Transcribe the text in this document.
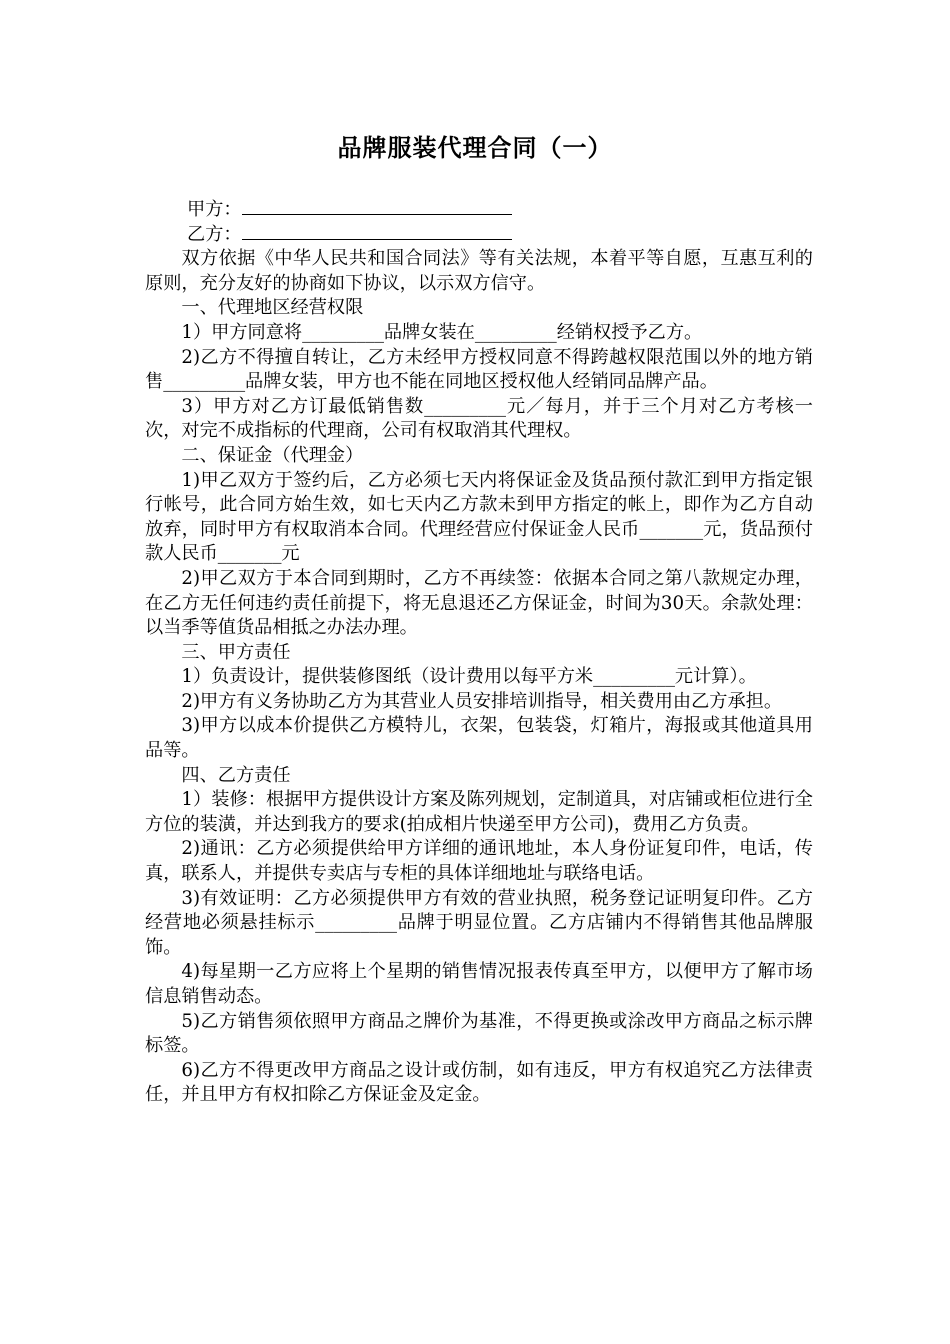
品牌服装代理合同（一）
甲方：
乙方：

双方依据《中华人民共和国合同法》等有关法规，本着平等自愿，互惠互利的原则，充分友好的协商如下协议，以示双方信守。

一、代理地区经营权限

1）甲方同意将_________品牌女装在_________经销权授予乙方。

2)乙方不得擅自转让，乙方未经甲方授权同意不得跨越权限范围以外的地方销售_________品牌女装，甲方也不能在同地区授权他人经销同品牌产品。

3）甲方对乙方订最低销售数_________元／每月，并于三个月对乙方考核一次，对完不成指标的代理商，公司有权取消其代理权。

二、保证金（代理金）

1)甲乙双方于签约后，乙方必须七天内将保证金及货品预付款汇到甲方指定银行帐号，此合同方始生效，如七天内乙方款未到甲方指定的帐上，即作为乙方自动放弃，同时甲方有权取消本合同。代理经营应付保证金人民币_______元，货品预付款人民币_______元

2)甲乙双方于本合同到期时，乙方不再续签：依据本合同之第八款规定办理，在乙方无任何违约责任前提下，将无息退还乙方保证金，时间为30天。余款处理：以当季等值货品相抵之办法办理。

三、甲方责任

1）负责设计，提供装修图纸（设计费用以每平方米_________元计算）。

2)甲方有义务协助乙方为其营业人员安排培训指导，相关费用由乙方承担。

3)甲方以成本价提供乙方模特儿，衣架，包装袋，灯箱片，海报或其他道具用品等。

四、乙方责任

1）装修：根据甲方提供设计方案及陈列规划，定制道具，对店铺或柜位进行全方位的装潢，并达到我方的要求(拍成相片快递至甲方公司)，费用乙方负责。

2)通讯：乙方必须提供给甲方详细的通讯地址，本人身份证复印件，电话，传真，联系人，并提供专卖店与专柜的具体详细地址与联络电话。

3)有效证明：乙方必须提供甲方有效的营业执照，税务登记证明复印件。乙方经营地必须悬挂标示_________品牌于明显位置。乙方店铺内不得销售其他品牌服饰。

4)每星期一乙方应将上个星期的销售情况报表传真至甲方，以便甲方了解市场信息销售动态。

5)乙方销售须依照甲方商品之牌价为基准，不得更换或涂改甲方商品之标示牌标签。

6)乙方不得更改甲方商品之设计或仿制，如有违反，甲方有权追究乙方法律责任，并且甲方有权扣除乙方保证金及定金。
